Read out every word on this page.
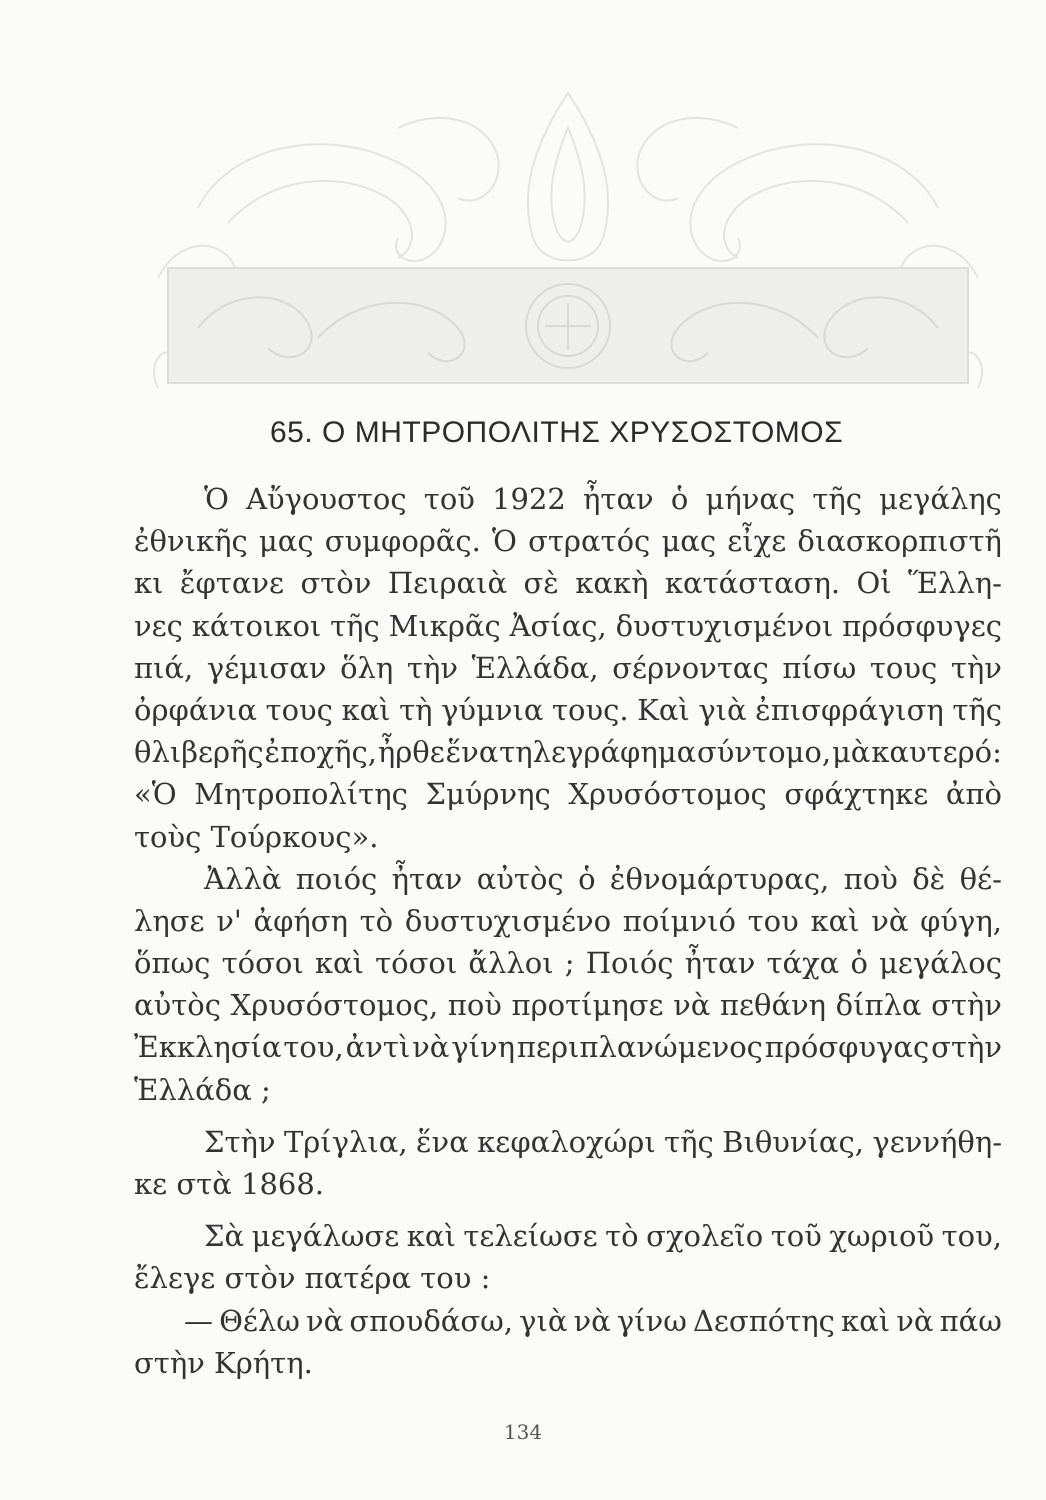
65. Ο ΜΗΤΡΟΠΟΛΙΤΗΣ ΧΡΥΣΟΣΤΟΜΟΣ
Ὁ Αὔγουστος τοῦ 1922 ἦταν ὁ μήνας τῆς μεγάλης
ἐθνικῆς μας συμφορᾶς. Ὁ στρατός μας εἶχε διασκορπιστῆ
κι ἔφτανε στὸν Πειραιὰ σὲ κακὴ κατάσταση. Οἱ Ἕλλη-
νες κάτοικοι τῆς Μικρᾶς Ἀσίας, δυστυχισμένοι πρόσφυγες
πιά, γέμισαν ὅλη τὴν Ἑλλάδα, σέρνοντας πίσω τους τὴν
ὀρφάνια τους καὶ τὴ γύμνια τους. Καὶ γιὰ ἐπισφράγιση τῆς
θλιβερῆς ἐποχῆς, ἦρθε ἕνα τηλεγράφημα σύντομο, μὰ καυτερό:
«Ὁ Μητροπολίτης Σμύρνης Χρυσόστομος σφάχτηκε ἀπὸ
τοὺς Τούρκους».
Ἀλλὰ ποιός ἦταν αὐτὸς ὁ ἐθνομάρτυρας, ποὺ δὲ θέ-
λησε ν' ἀφήση τὸ δυστυχισμένο ποίμνιό του καὶ νὰ φύγη,
ὅπως τόσοι καὶ τόσοι ἄλλοι ; Ποιός ἦταν τάχα ὁ μεγάλος
αὐτὸς Χρυσόστομος, ποὺ προτίμησε νὰ πεθάνη δίπλα στὴν
Ἐκκλησία του, ἀντὶ νὰ γίνη περιπλανώμενος πρόσφυγας στὴν
Ἑλλάδα ;
Στὴν Τρίγλια, ἕνα κεφαλοχώρι τῆς Βιθυνίας, γεννήθη-
κε στὰ 1868.
Σὰ μεγάλωσε καὶ τελείωσε τὸ σχολεῖο τοῦ χωριοῦ του,
ἔλεγε στὸν πατέρα του :
— Θέλω νὰ σπουδάσω, γιὰ νὰ γίνω Δεσπότης καὶ νὰ πάω
στὴν Κρήτη.
134
